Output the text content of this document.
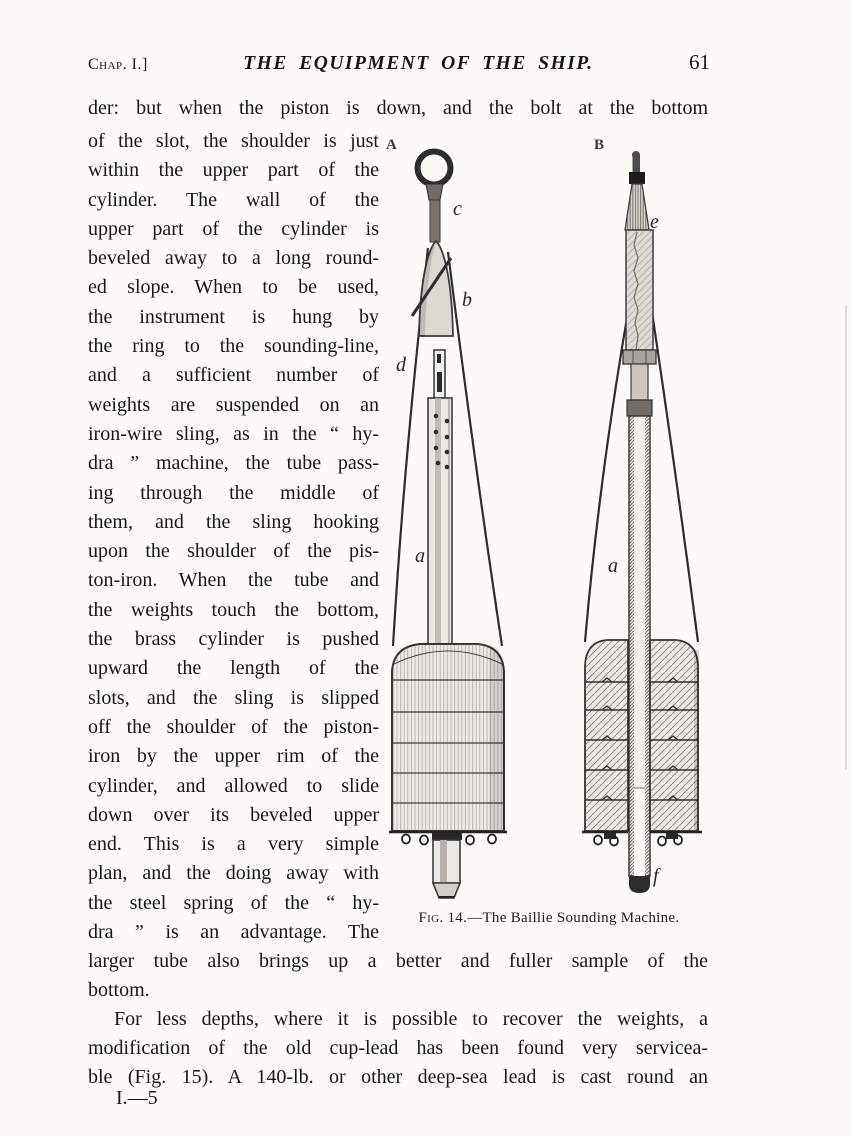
Chap. I.]	THE EQUIPMENT OF THE SHIP.	61
der: but when the piston is down, and the bolt at the bottom
of the slot, the shoulder is just
within the upper part of the
cylinder. The wall of the
upper part of the cylinder is
beveled away to a long round-
ed slope. When to be used,
the instrument is hung by
the ring to the sounding-line,
and a sufficient number of
weights are suspended on an
iron-wire sling, as in the “ hy-
dra ” machine, the tube pass-
ing through the middle of
them, and the sling hooking
upon the shoulder of the pis-
ton-iron. When the tube and
the weights touch the bottom,
the brass cylinder is pushed
upward the length of the
slots, and the sling is slipped
off the shoulder of the piston-
iron by the upper rim of the
cylinder, and allowed to slide
down over its beveled upper
end. This is a very simple
plan, and the doing away with
the steel spring of the “ hy-
dra ” is an advantage. The
A
c
b
d
a
B
e
a
f
Fig. 14.—The Baillie Sounding Machine.
larger tube also brings up a better and fuller sample of the
bottom.
For less depths, where it is possible to recover the weights, a
modification of the old cup-lead has been found very servicea-
ble (Fig. 15). A 140-lb. or other deep-sea lead is cast round an
I.—5
